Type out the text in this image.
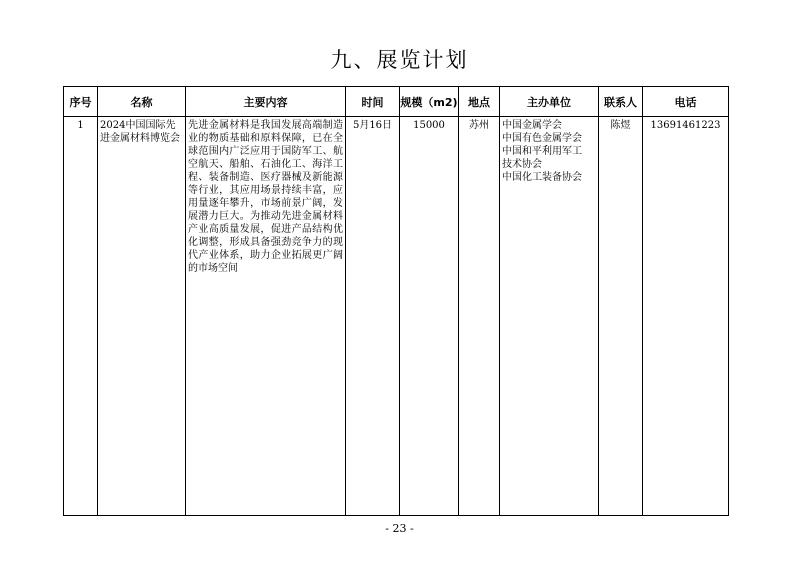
九、展览计划
序号	名称	主要内容	时间	规模（m2)	地点	主办单位	联系人	电话
1	2024中国国际先进金属材料博览会	先进金属材料是我国发展高端制造业的物质基础和原料保障，已在全球范围内广泛应用于国防军工、航空航天、船舶、石油化工、海洋工程、装备制造、医疗器械及新能源等行业，其应用场景持续丰富，应用量逐年攀升，市场前景广阔，发展潜力巨大。为推动先进金属材料产业高质量发展，促进产品结构优化调整，形成具备强劲竞争力的现代产业体系，助力企业拓展更广阔的市场空间	5月16日	15000	苏州	中国金属学会
中国有色金属学会
中国和平利用军工
技术协会
中国化工装备协会	陈煜	13691461223
- 23 -
